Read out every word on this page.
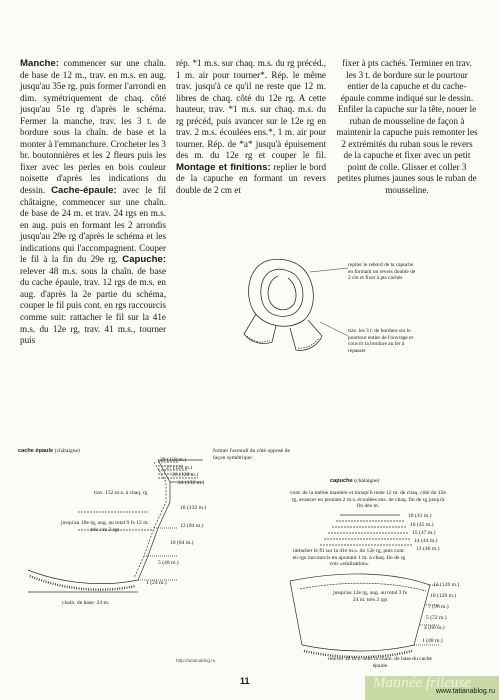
Manche: commencer sur une chaîn. de base de 12 m., trav. en m.s. en aug. jusqu'au 35e rg. puis former l'arrondi en dim. symétriquement de chaq. côté jusqu'au 51e rg d'après le schéma. Fermer la manche, trav. les 3 t. de bordure sous la chaîn. de base et la monter à l'emmanchure. Crocheter les 3 br. boutonnières et les 2 fleurs puis les fixer avec les perles en bois couleur noisette d'après les indications du dessin. Cache-épaule: avec le fil châtaigne, commencer sur une chaîn. de base de 24 m. et trav. 24 rgs en m.s. en aug. puis en formant les 2 arrondis jusqu'au 29e rg d'après le schéma et les indications qui l'accompagnent. Couper le fil à la fin du 29e rg. Capuche: relever 48 m.s. sous la chaîn. de base du cache épaule, trav. 12 rgs de m.s. en aug. d'après la 2e partie du schéma, couper le fil puis cont. en rgs raccourcis comme suit: rattacher le fil sur la 41e m.s. du 12e rg, trav. 41 m.s., tourner puis

rép. *1 m.s. sur chaq. m.s. du rg précéd., 1 m. air pour tourner*. Rép. le même trav. jusqu'à ce qu'il ne reste que 12 m. libres de chaq. côté du 12e rg. A cette hauteur, trav. *1 m.s. sur chaq. m.s. du rg précéd, puis avancer sur le 12e rg en trav. 2 m.s. écoulées ens.*, 1 m. air pour tourner. Rép. de *a* jusqu'à épuisement des m. du 12e rg et couper le fil. Montage et finitions: replier le bord de la capuche en formant un revers double de 2 cm et

fixer à pts cachés. Terminer en trav. les 3 t. de bordure sur le pourtour entier de la capuche et du cache-épaule comme indiqué sur le dessin. Enfiler la capuche sur la tête, nouer le ruban de mousseline de façon à maintenir la capuche puis remonter les 2 extrémités du ruban sous le revers de la capuche et fixer avec un petit point de colle. Glisser et coller 3 petites plumes jaunes sous le ruban de mousseline.

replier le rebord de la capuche en formant un revers double de 2 cm et fixer à pts cachés
trav. les 3 t. de bordure sur le pourtour entier de l'ouvrage et couvrir la bordure au fer à repasser
cache épaule (châtaigne)	former l'arrondi du côté opposé de façon symétrique
29 (118 m.)
27 (126 m.)
26 (128 m.)
24 (132 m.)
trav. 132 m.s. à chaq. rg
18 (132 m.)
jusqu'au 18e rg, aug. au total 9 fs 12 m. très ces 2 rgs
13 (84 m.)
10 (84 m.)
5 (48 m.)
1 (24 m.)
chaîn. de base: 24 m.
capuche (châtaigne)
cont. de la même manière et lorsqu'il reste 12 m. de chaq. côté du 12e rg, avancer en prenant 2 m.s. écoulées ens. de chaq. fin de rg jusqu'à fin des m.
18 (41 m.)
16 (45 m.)
15 (47 m.)
14 (44 m.)
13 (46 m.)
rattacher le fil sur la 41e m.s. du 12e rg, puis cont. en rgs raccourcis en ajoutant 1 m. à chaq. fin de rg voir «réalisation»
jusqu'au 12e rg, aug. au total 3 fs 24 m. très 2 rgs
12 (120 m.)
10 (120 m.)
7 (96 m.)
5 (72 m.)
4 (60 m.)
1 (48 m.)
relever 48 m.s. sous la chaîn. de base du cache épaule
http://tatianablog.ru
11	Matinée frileuse
www.tatianablog.ru
